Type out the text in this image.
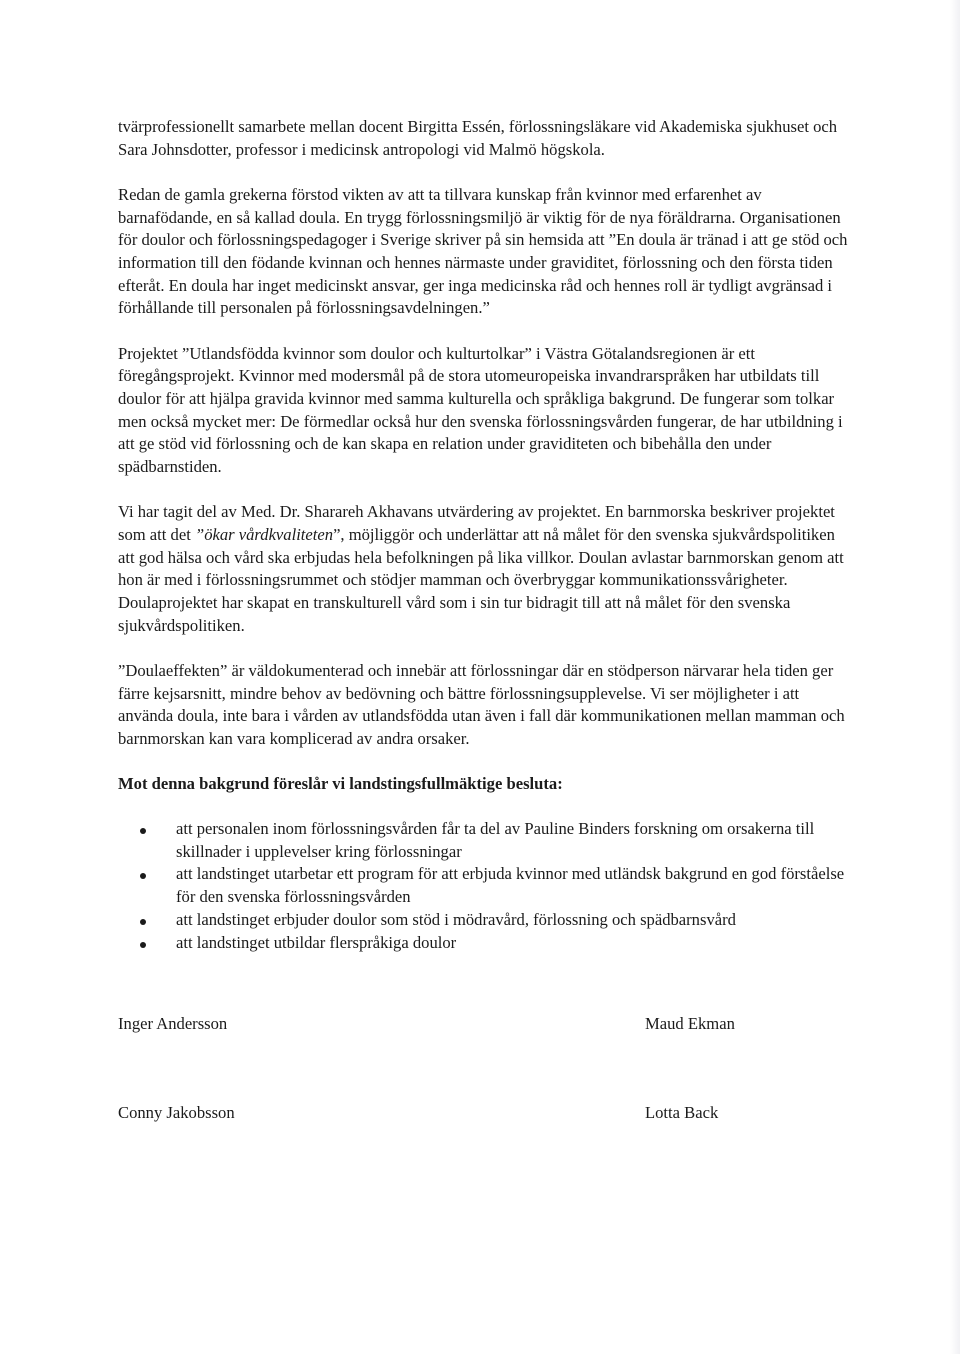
tvärprofessionellt samarbete mellan docent Birgitta Essén, förlossningsläkare vid Akademiska sjukhuset och Sara Johnsdotter, professor i medicinsk antropologi vid Malmö högskola.

Redan de gamla grekerna förstod vikten av att ta tillvara kunskap från kvinnor med erfarenhet av barnafödande, en så kallad doula. En trygg förlossningsmiljö är viktig för de nya föräldrarna. Organisationen för doulor och förlossningspedagoger i Sverige skriver på sin hemsida att ”En doula är tränad i att ge stöd och information till den födande kvinnan och hennes närmaste under graviditet, förlossning och den första tiden efteråt. En doula har inget medicinskt ansvar, ger inga medicinska råd och hennes roll är tydligt avgränsad i förhållande till personalen på förlossningsavdelningen.”

Projektet ”Utlandsfödda kvinnor som doulor och kulturtolkar” i Västra Götalandsregionen är ett föregångsprojekt. Kvinnor med modersmål på de stora utomeuropeiska invandrarspråken har utbildats till doulor för att hjälpa gravida kvinnor med samma kulturella och språkliga bakgrund. De fungerar som tolkar men också mycket mer: De förmedlar också hur den svenska förlossningsvården fungerar, de har utbildning i att ge stöd vid förlossning och de kan skapa en relation under graviditeten och bibehålla den under spädbarnstiden.

Vi har tagit del av Med. Dr. Sharareh Akhavans utvärdering av projektet. En barnmorska beskriver projektet som att det ”ökar vårdkvaliteten”, möjliggör och underlättar att nå målet för den svenska sjukvårdspolitiken att god hälsa och vård ska erbjudas hela befolkningen på lika villkor. Doulan avlastar barnmorskan genom att hon är med i förlossningsrummet och stödjer mamman och överbryggar kommunikationssvårigheter. Doulaprojektet har skapat en transkulturell vård som i sin tur bidragit till att nå målet för den svenska sjukvårdspolitiken.

”Doulaeffekten” är väldokumenterad och innebär att förlossningar där en stödperson närvarar hela tiden ger färre kejsarsnitt, mindre behov av bedövning och bättre förlossningsupplevelse. Vi ser möjligheter i att använda doula, inte bara i vården av utlandsfödda utan även i fall där kommunikationen mellan mamman och barnmorskan kan vara komplicerad av andra orsaker.

Mot denna bakgrund föreslår vi landstingsfullmäktige besluta:

att personalen inom förlossningsvården får ta del av Pauline Binders forskning om orsakerna till skillnader i upplevelser kring förlossningar
att landstinget utarbetar ett program för att erbjuda kvinnor med utländsk bakgrund en god förståelse för den svenska förlossningsvården
att landstinget erbjuder doulor som stöd i mödravård, förlossning och spädbarnsvård
att landstinget utbildar flerspråkiga doulor
Inger Andersson	Maud Ekman
Conny Jakobsson	Lotta Back
